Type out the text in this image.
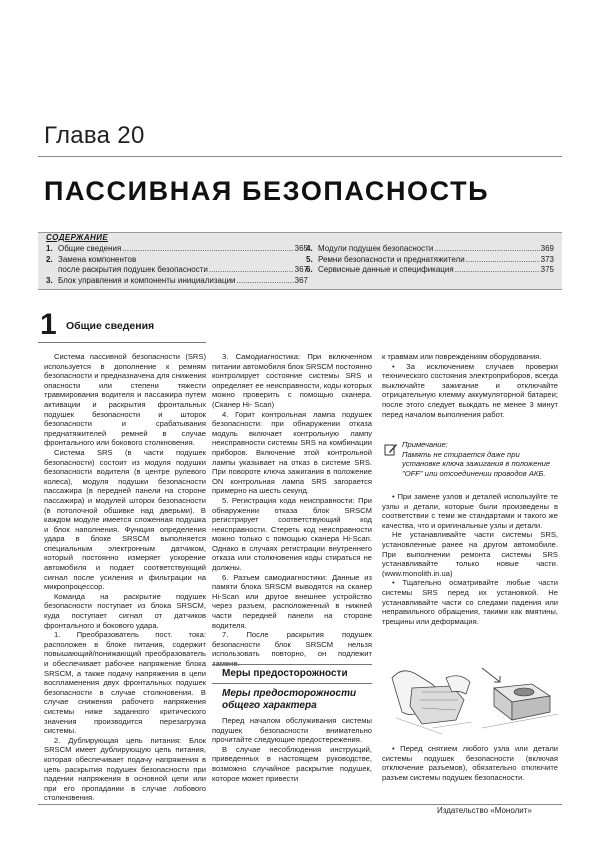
Глава 20
ПАССИВНАЯ БЕЗОПАСНОСТЬ
СОДЕРЖАНИЕ
1. Общие сведения .....	365
2. Замена компонентов
после раскрытия подушек безопасности .....	367
3. Блок управления и компоненты инициализации .....	367
4. Модули подушек безопасности .....	369
5. Ремни безопасности и преднатяжители .....	373
6. Сервисные данные и спецификация .....	375
1 Общие сведения

Система пассивной безопасности (SRS) используется в дополнение к ремням безопасности и предназначена для снижения опасности или степени тяжести травмирования водителя и пассажира путем активации и раскрытия фронтальных подушек безопасности и шторок безопасности и срабатывания преднатяжителей ремней в случае фронтального или бокового столкновения.

Система SRS (в части подушек безопасности) состоит из модуля подушки безопасности водителя (в центре рулевого колеса), модуля подушки безопасности пассажира (в передней панели на стороне пассажира) и модулей шторок безопасности (в потолочной обшивке над дверьми). В каждом модуле имеется сложенная подушка и блок наполнения. Функция определения удара в блоке SRSCM выполняется специальным электронным датчиком, который постоянно измеряет ускорение автомобиля и подает соответствующий сигнал после усиления и фильтрации на микропроцессор.

Команда на раскрытие подушек безопасности поступает из блока SRSCM, куда поступает сигнал от датчиков фронтального и бокового удара.

1. Преобразователь пост. тока: расположен в блоке питания, содержит повышающий/понижающий преобразователь и обеспечивает рабочее напряжение блока SRSCM, а также подачу напряжения в цепи воспламенения двух фронтальных подушек безопасности в случае столкновения. В случае снижения рабочего напряжения системы ниже заданного критического значения производится перезагрузка системы.

2. Дублирующая цепь питания: Блок SRSCM имеет дублирующую цепь питания, которая обеспечивает подачу напряжения в цепь раскрытия подушек безопасности при падении напряжения в основной цепи или при его пропадании в случае лобового столкновения.

3. Самодиагностика: При включенном питании автомобиля блок SRSCM постоянно контролирует состояние системы SRS и определяет ее неисправности, коды которых можно проверить с помощью сканера. (Сканер Hi- Scan)

4. Горит контрольная лампа подушек безопасности: при обнаружении отказа модуль включает контрольную лампу неисправности системы SRS на комбинации приборов. Включение этой контрольной лампы указывает на отказ в системе SRS. При повороте ключа зажигания в положение ON контрольная лампа SRS загорается примерно на шесть секунд.

5. Регистрация кода неисправности: При обнаружении отказа блок SRSCM регистрирует соответствующий код неисправности. Стереть код неисправности можно только с помощью сканера Hi-Scan. Однако в случаях регистрации внутреннего отказа или столкновения коды стираться не должны.

6. Разъем самодиагностики: Данные из памяти блока SRSCM выводятся на сканер Hi-Scan или другое внешнее устройство через разъем, расположенный в нижней части передней панели на стороне водителя.

7. После раскрытия подушек безопасности блок SRSCM нельзя использовать повторно, он подлежит замене.

Меры предосторожности
Меры предосторожности общего характера

Перед началом обслуживания системы подушек безопасности внимательно прочитайте следующие предостережения.

В случае несоблюдения инструкций, приведенных в настоящем руководстве, возможно случайное раскрытие подушек, которое может привести

к травмам или повреждениям оборудования.

• За исключением случаев проверки технического состояния электроприборов, всегда выключайте зажигание и отключайте отрицательную клемму аккумуляторной батареи; после этого следует выждать не менее 3 минут перед началом выполнения работ.

Примечание:
Память не стирается даже при установке ключа зажигания в положение "OFF" или отсоединении проводов АКБ.

• При замене узлов и деталей используйте те узлы и детали, которые были произведены в соответствии с теми же стандартами и такого же качества, что и оригинальные узлы и детали.

Не устанавливайте части системы SRS, установленные ранее на другом автомобиле. При выполнении ремонта системы SRS устанавливайте только новые части. (www.monolith.in.ua)

• Тщательно осматривайте любые части системы SRS перед их установкой. Не устанавливайте части со следами падения или неправильного обращения, такими как вмятины, трещины или деформация.

• Перед снятием любого узла или детали системы подушек безопасности (включая отключение разъемов), обязательно отключите разъем системы подушек безопасности.

Издательство «Монолит»
